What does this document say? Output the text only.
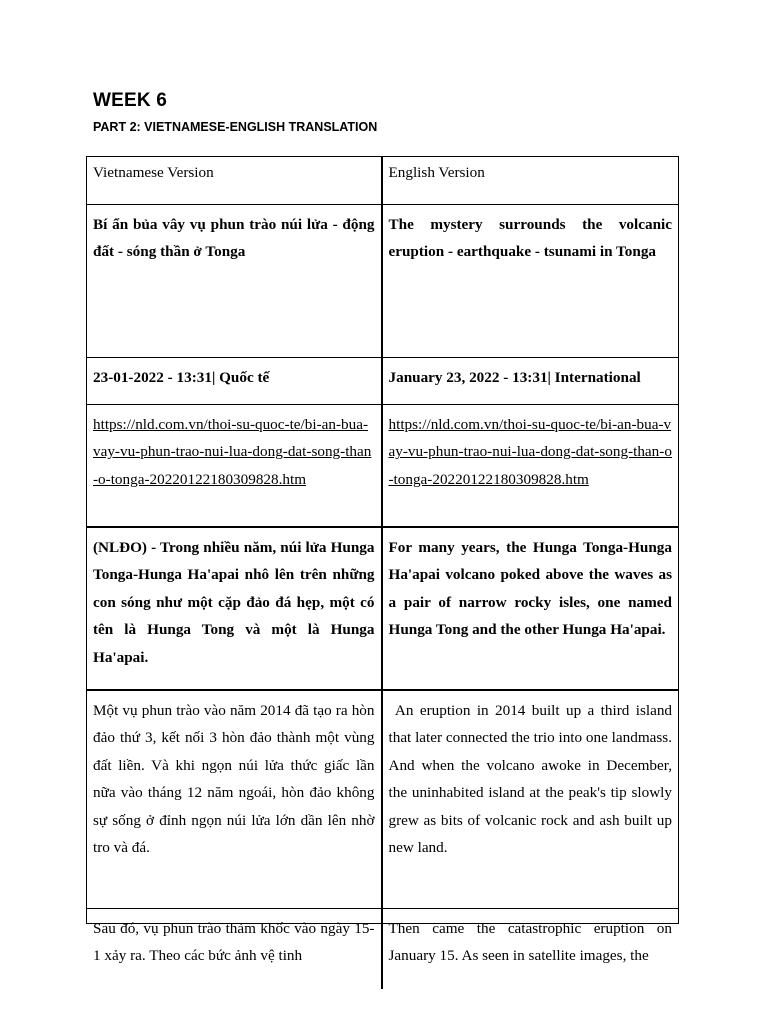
WEEK 6
PART 2: VIETNAMESE-ENGLISH TRANSLATION
Vietnamese Version	English Version
Bí ẩn bủa vây vụ phun trào núi lửa - động đất - sóng thần ở Tonga
The mystery surrounds the volcanic eruption - earthquake - tsunami in Tonga
23-01-2022 - 13:31| Quốc tế	January 23, 2022 - 13:31| International
https://nld.com.vn/thoi-su-quoc-te/bi-an-bua-vay-vu-phun-trao-nui-lua-dong-dat-song-than-o-tonga-20220122180309828.htm
https://nld.com.vn/thoi-su-quoc-te/bi-an-bua-vay-vu-phun-trao-nui-lua-dong-dat-song-than-o-tonga-20220122180309828.htm
(NLĐO) - Trong nhiều năm, núi lửa Hunga Tonga-Hunga Ha'apai nhô lên trên những con sóng như một cặp đảo đá hẹp, một có tên là Hunga Tong và một là Hunga Ha'apai.
For many years, the Hunga Tonga-Hunga Ha'apai volcano poked above the waves as a pair of narrow rocky isles, one named Hunga Tong and the other Hunga Ha'apai.
Một vụ phun trào vào năm 2014 đã tạo ra hòn đảo thứ 3, kết nối 3 hòn đảo thành một vùng đất liền. Và khi ngọn núi lửa thức giấc lần nữa vào tháng 12 năm ngoái, hòn đảo không sự sống ở đỉnh ngọn núi lửa lớn dần lên nhờ tro và đá.
An eruption in 2014 built up a third island that later connected the trio into one landmass. And when the volcano awoke in December, the uninhabited island at the peak's tip slowly grew as bits of volcanic rock and ash built up new land.
Sau đó, vụ phun trào thảm khốc vào ngày 15-1 xảy ra. Theo các bức ảnh vệ tinh
Then came the catastrophic eruption on January 15. As seen in satellite images, the
